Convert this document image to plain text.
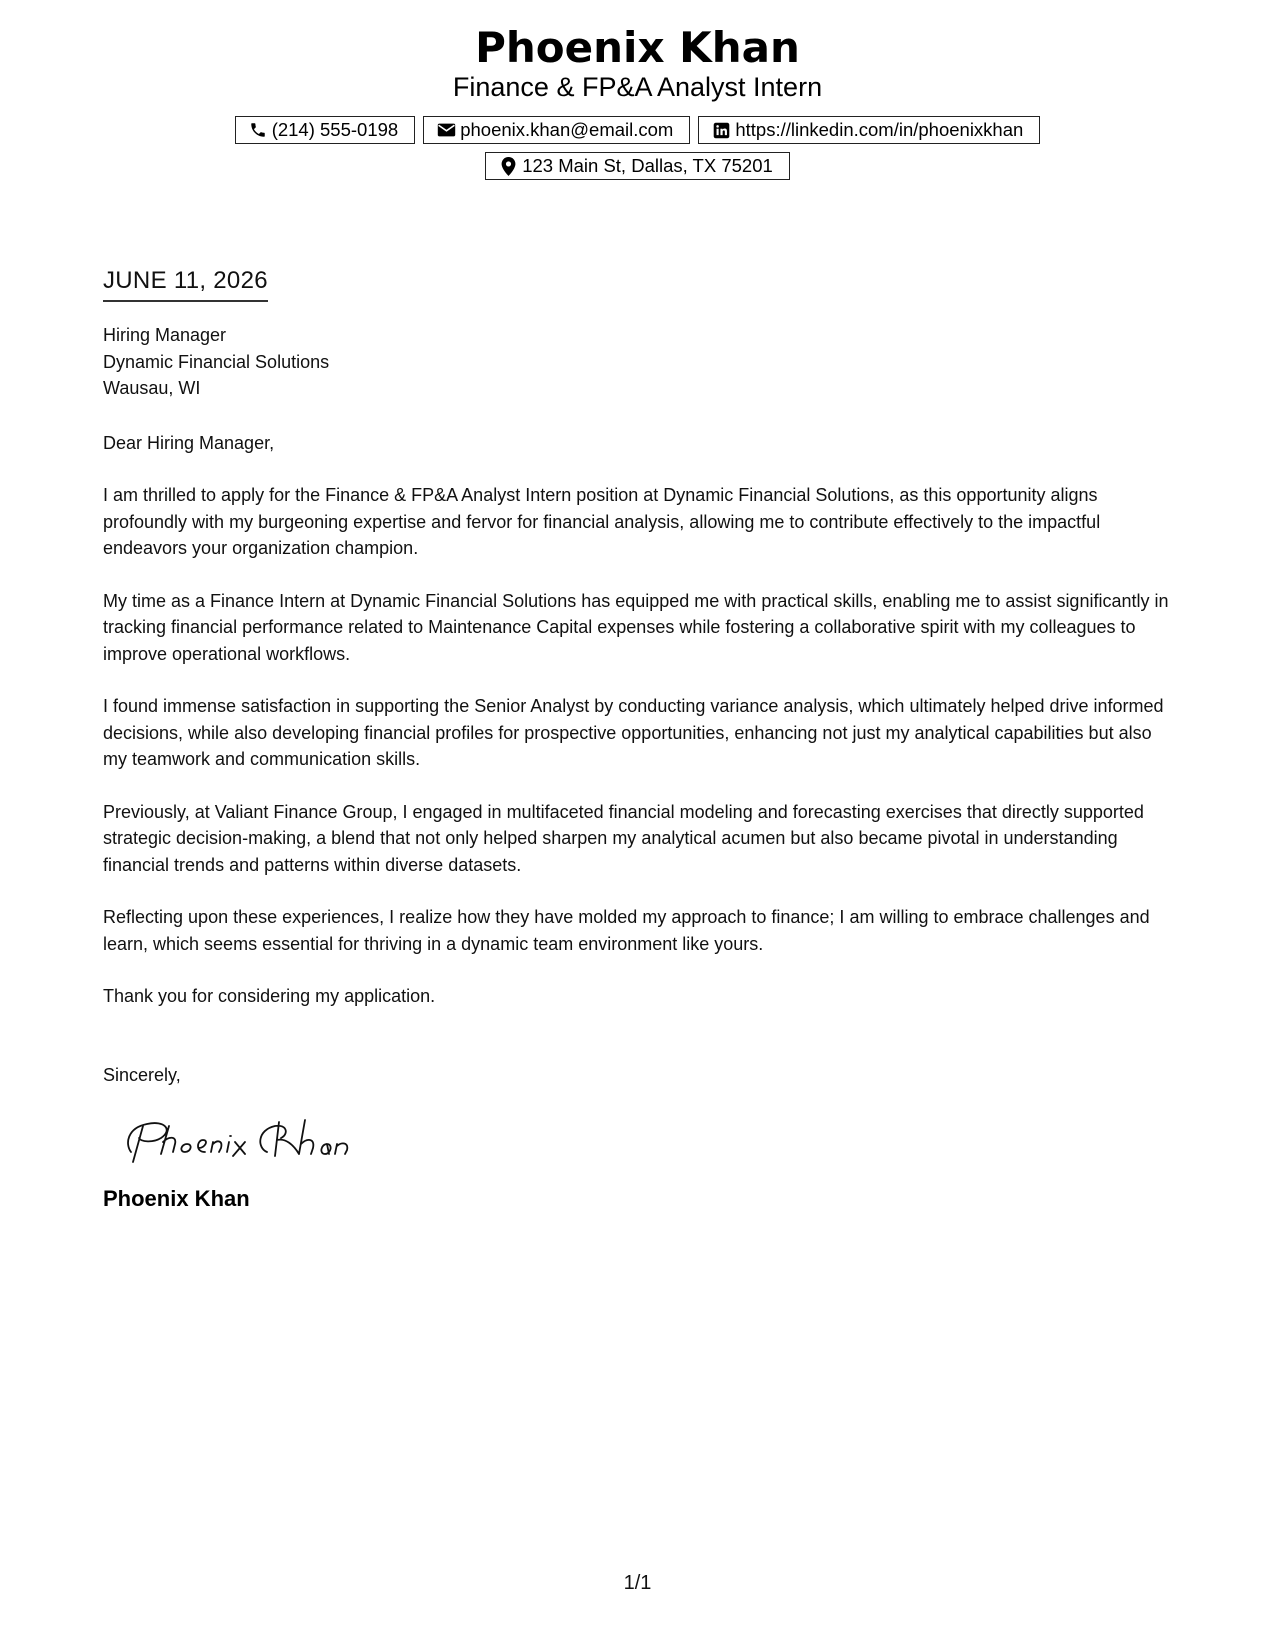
Phoenix Khan
Finance & FP&A Analyst Intern
(214) 555-0198	phoenix.khan@email.com	https://linkedin.com/in/phoenixkhan
123 Main St, Dallas, TX 75201
JUNE 11, 2026
Hiring Manager
Dynamic Financial Solutions
Wausau, WI
Dear Hiring Manager,
I am thrilled to apply for the Finance & FP&A Analyst Intern position at Dynamic Financial Solutions, as this opportunity aligns profoundly with my burgeoning expertise and fervor for financial analysis, allowing me to contribute effectively to the impactful endeavors your organization champion.
My time as a Finance Intern at Dynamic Financial Solutions has equipped me with practical skills, enabling me to assist significantly in tracking financial performance related to Maintenance Capital expenses while fostering a collaborative spirit with my colleagues to improve operational workflows.
I found immense satisfaction in supporting the Senior Analyst by conducting variance analysis, which ultimately helped drive informed decisions, while also developing financial profiles for prospective opportunities, enhancing not just my analytical capabilities but also my teamwork and communication skills.
Previously, at Valiant Finance Group, I engaged in multifaceted financial modeling and forecasting exercises that directly supported strategic decision-making, a blend that not only helped sharpen my analytical acumen but also became pivotal in understanding financial trends and patterns within diverse datasets.
Reflecting upon these experiences, I realize how they have molded my approach to finance; I am willing to embrace challenges and learn, which seems essential for thriving in a dynamic team environment like yours.
Thank you for considering my application.
Sincerely,
Phoenix Khan
1/1
